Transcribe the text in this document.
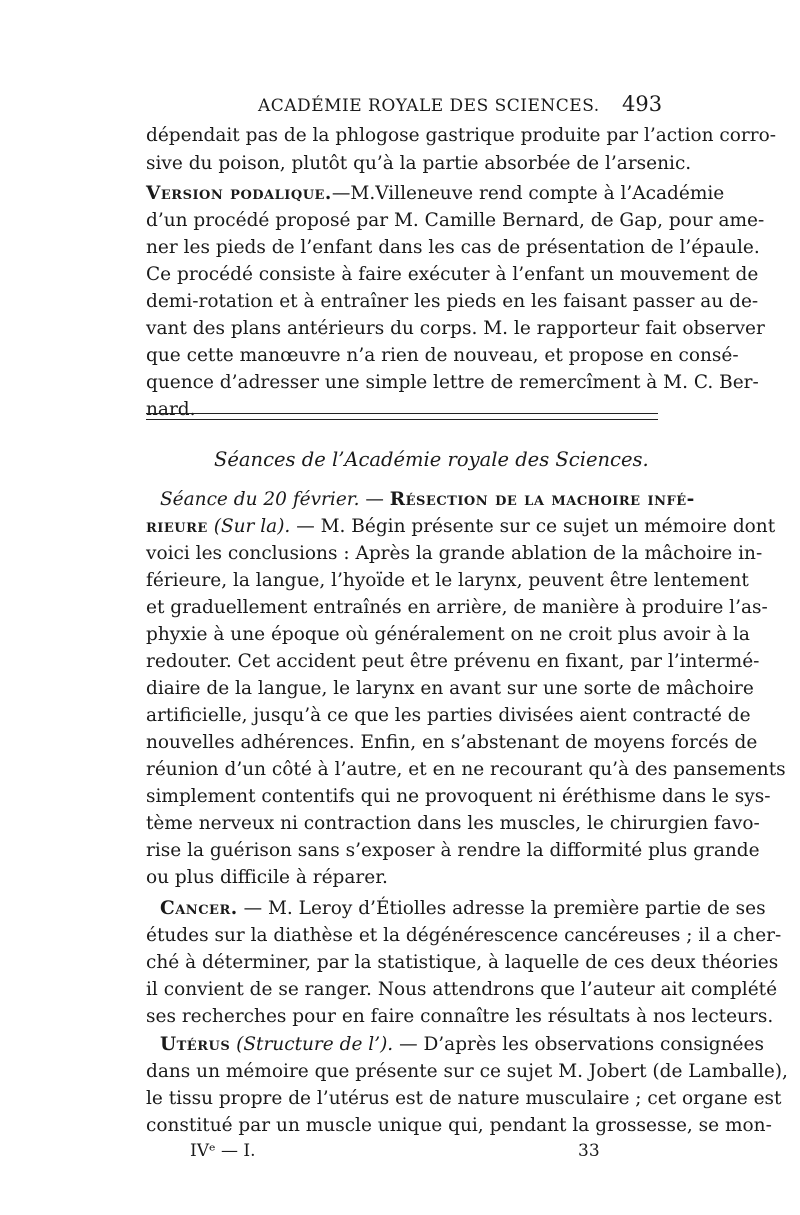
ACADÉMIE ROYALE DES SCIENCES. 493
dépendait pas de la phlogose gastrique produite par l’action corro-
sive du poison, plutôt qu’à la partie absorbée de l’arsenic.
Version podalique.—M.Villeneuve rend compte à l’Académie
d’un procédé proposé par M. Camille Bernard, de Gap, pour ame-
ner les pieds de l’enfant dans les cas de présentation de l’épaule.
Ce procédé consiste à faire exécuter à l’enfant un mouvement de
demi-rotation et à entraîner les pieds en les faisant passer au de-
vant des plans antérieurs du corps. M. le rapporteur fait observer
que cette manœuvre n’a rien de nouveau, et propose en consé-
quence d’adresser une simple lettre de remercîment à M. C. Ber-
nard.
Séances de l’Académie royale des Sciences.
Séance du 20 février. — Résection de la machoire infé-
rieure (Sur la). — M. Bégin présente sur ce sujet un mémoire dont
voici les conclusions : Après la grande ablation de la mâchoire in-
férieure, la langue, l’hyoïde et le larynx, peuvent être lentement
et graduellement entraînés en arrière, de manière à produire l’as-
phyxie à une époque où généralement on ne croit plus avoir à la
redouter. Cet accident peut être prévenu en fixant, par l’intermé-
diaire de la langue, le larynx en avant sur une sorte de mâchoire
artificielle, jusqu’à ce que les parties divisées aient contracté de
nouvelles adhérences. Enfin, en s’abstenant de moyens forcés de
réunion d’un côté à l’autre, et en ne recourant qu’à des pansements
simplement contentifs qui ne provoquent ni éréthisme dans le sys-
tème nerveux ni contraction dans les muscles, le chirurgien favo-
rise la guérison sans s’exposer à rendre la difformité plus grande
ou plus difficile à réparer.
Cancer. — M. Leroy d’Étiolles adresse la première partie de ses
études sur la diathèse et la dégénérescence cancéreuses ; il a cher-
ché à déterminer, par la statistique, à laquelle de ces deux théories
il convient de se ranger. Nous attendrons que l’auteur ait complété
ses recherches pour en faire connaître les résultats à nos lecteurs.
Utérus (Structure de l’). — D’après les observations consignées
dans un mémoire que présente sur ce sujet M. Jobert (de Lamballe),
le tissu propre de l’utérus est de nature musculaire ; cet organe est
constitué par un muscle unique qui, pendant la grossesse, se mon-
IVᵉ — I.	33
